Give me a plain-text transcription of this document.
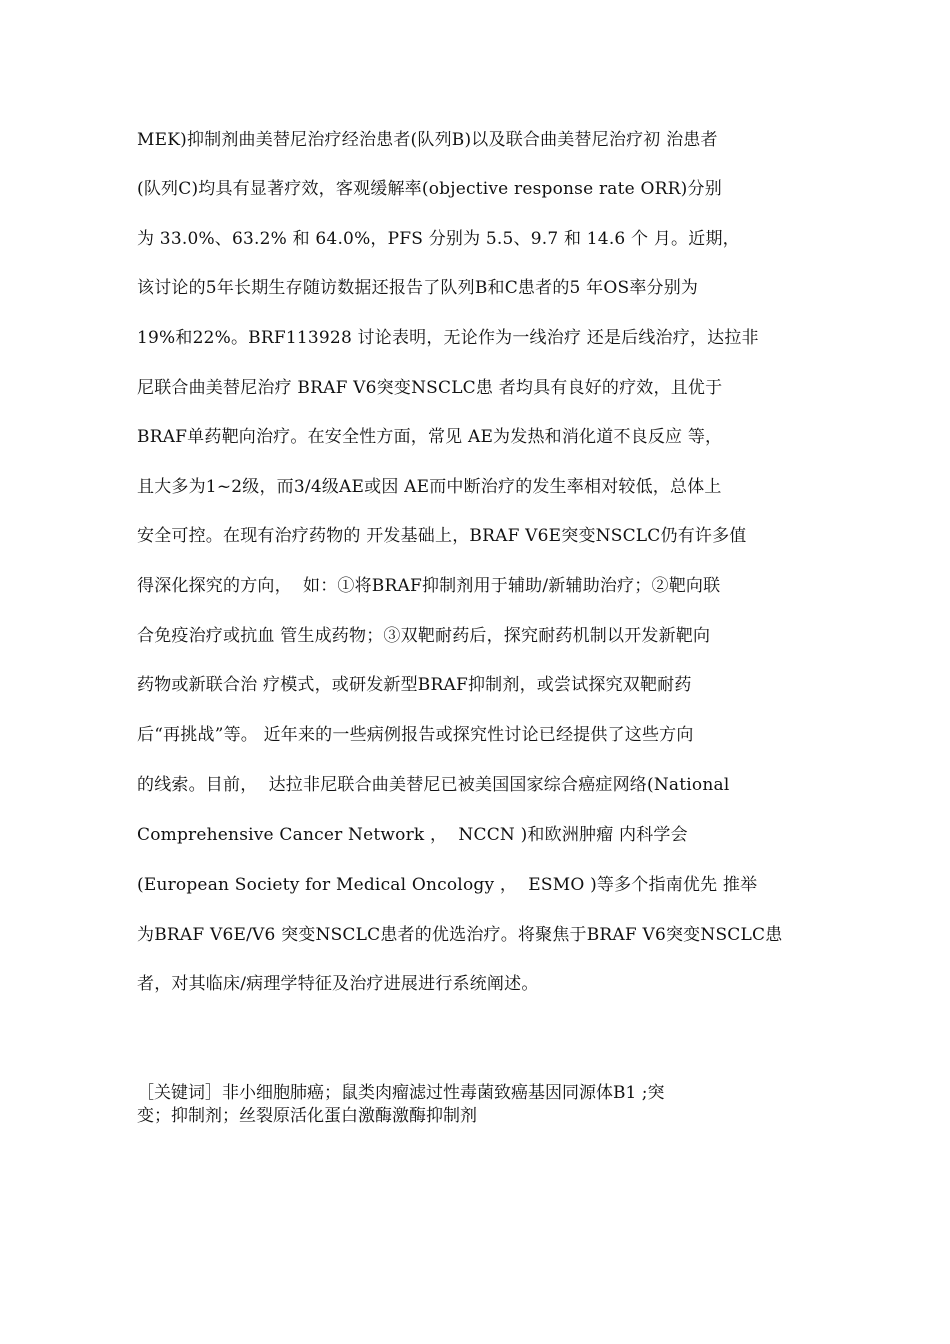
MEK)抑制剂曲美替尼治疗经治患者(队列B)以及联合曲美替尼治疗初 治患者
(队列C)均具有显著疗效，客观缓解率(objective response rate ORR)分别
为 33.0%、63.2% 和 64.0%，PFS 分别为 5.5、9.7 和 14.6 个 月。近期，
该讨论的5年长期生存随访数据还报告了队列B和C患者的5 年OS率分别为
19%和22%。BRF113928 讨论表明，无论作为一线治疗 还是后线治疗，达拉非
尼联合曲美替尼治疗 BRAF V6突变NSCLC患 者均具有良好的疗效，且优于
BRAF单药靶向治疗。在安全性方面，常见 AE为发热和消化道不良反应 等，
且大多为1~2级，而3/4级AE或因 AE而中断治疗的发生率相对较低，总体上
安全可控。在现有治疗药物的 开发基础上，BRAF V6E突变NSCLC仍有许多值
得深化探究的方向，  如：①将BRAF抑制剂用于辅助/新辅助治疗；②靶向联
合免疫治疗或抗血 管生成药物；③双靶耐药后，探究耐药机制以开发新靶向
药物或新联合治 疗模式，或研发新型BRAF抑制剂，或尝试探究双靶耐药
后“再挑战”等。 近年来的一些病例报告或探究性讨论已经提供了这些方向
的线索。目前，  达拉非尼联合曲美替尼已被美国国家综合癌症网络(National
Comprehensive Cancer Network ，  NCCN )和欧洲肿瘤 内科学会
(European Society for Medical Oncology ，  ESMO )等多个指南优先 推举
为BRAF V6E/V6 突变NSCLC患者的优选治疗。将聚焦于BRAF V6突变NSCLC患
者，对其临床/病理学特征及治疗进展进行系统阐述。
［关键词］非小细胞肺癌；鼠类肉瘤滤过性毒菌致癌基因同源体B1 ;突
变；抑制剂；丝裂原活化蛋白激酶激酶抑制剂
